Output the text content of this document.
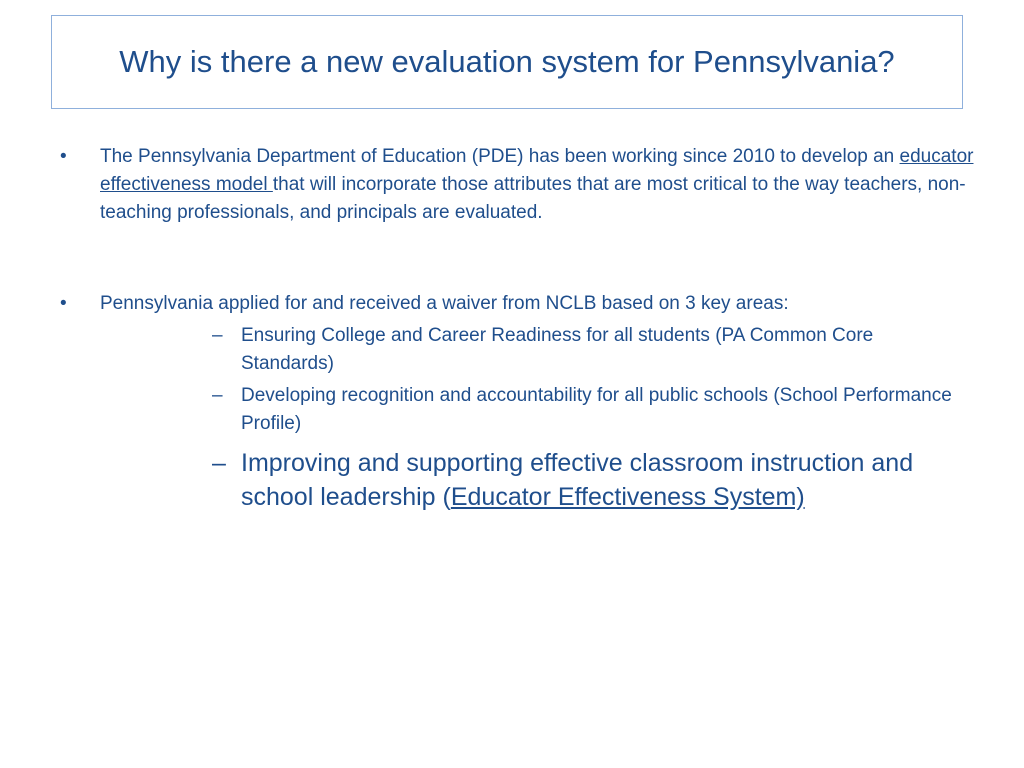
Why is there a new evaluation system for Pennsylvania?
•	The Pennsylvania Department of Education (PDE) has been working since 2010 to develop an educator effectiveness model that will incorporate those attributes that are most critical to the way teachers, non-teaching professionals, and principals are evaluated.
•	Pennsylvania applied for and received a waiver from NCLB based on 3 key areas:
– Ensuring College and Career Readiness for all students (PA Common Core Standards)
– Developing recognition and accountability for all public schools (School Performance Profile)
– Improving and supporting effective classroom instruction and school leadership (Educator Effectiveness System)
